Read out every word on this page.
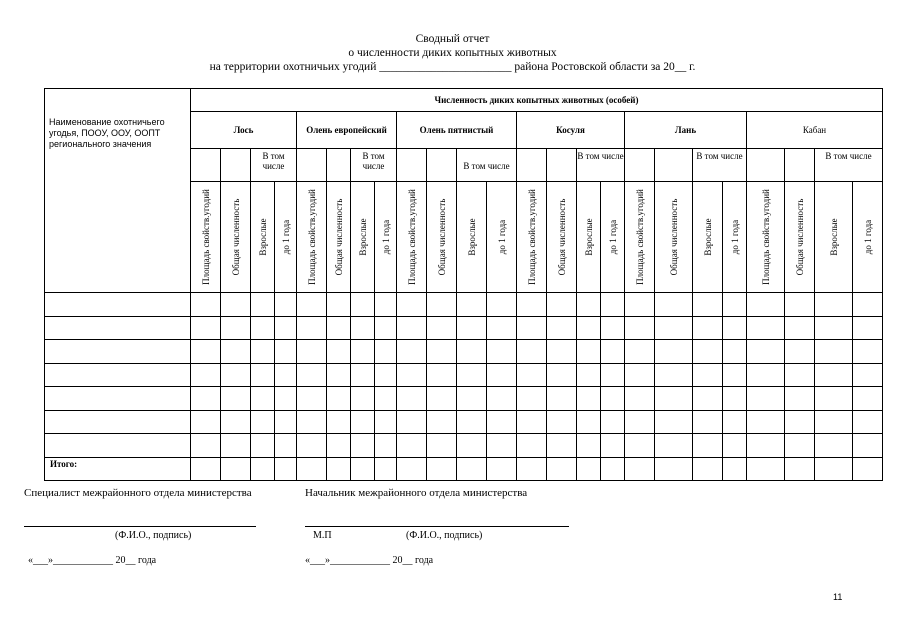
Сводный отчет
о численности диких копытных животных
на территории охотничьих угодий _______________________ района Ростовской области за 20__ г.
Наименование охотничьего угодья, ПООУ, ООУ, ООПТ регионального значения	Численность диких копытных животных (особей)																							
	Лось				Олень европейский				Олень пятнистый				Косуля				Лань				Кабан			
			В том числе				В том числе				В том числе				В том числе				В том числе				В том числе	

	Площадь свойств.угодий	Общая численность	Взрослые	до 1 года	Площадь свойств.угодий	Общая численность	Взрослые	до 1 года	Площадь свойств.угодий	Общая численность	Взрослые	до 1 года	Площадь свойств.угодий	Общая численность	Взрослые	до 1 года	Площадь свойств.угодий	Общая численность	Взрослые	до 1 года	Площадь свойств.угодий	Общая численность	Взрослые	до 1 года

Итого:																								
Специалист межрайонного отдела министерства	Начальник межрайонного отдела министерства
(Ф.И.О., подпись)	М.П	(Ф.И.О., подпись)
«___»____________ 20__ года	«___»____________ 20__ года
11
